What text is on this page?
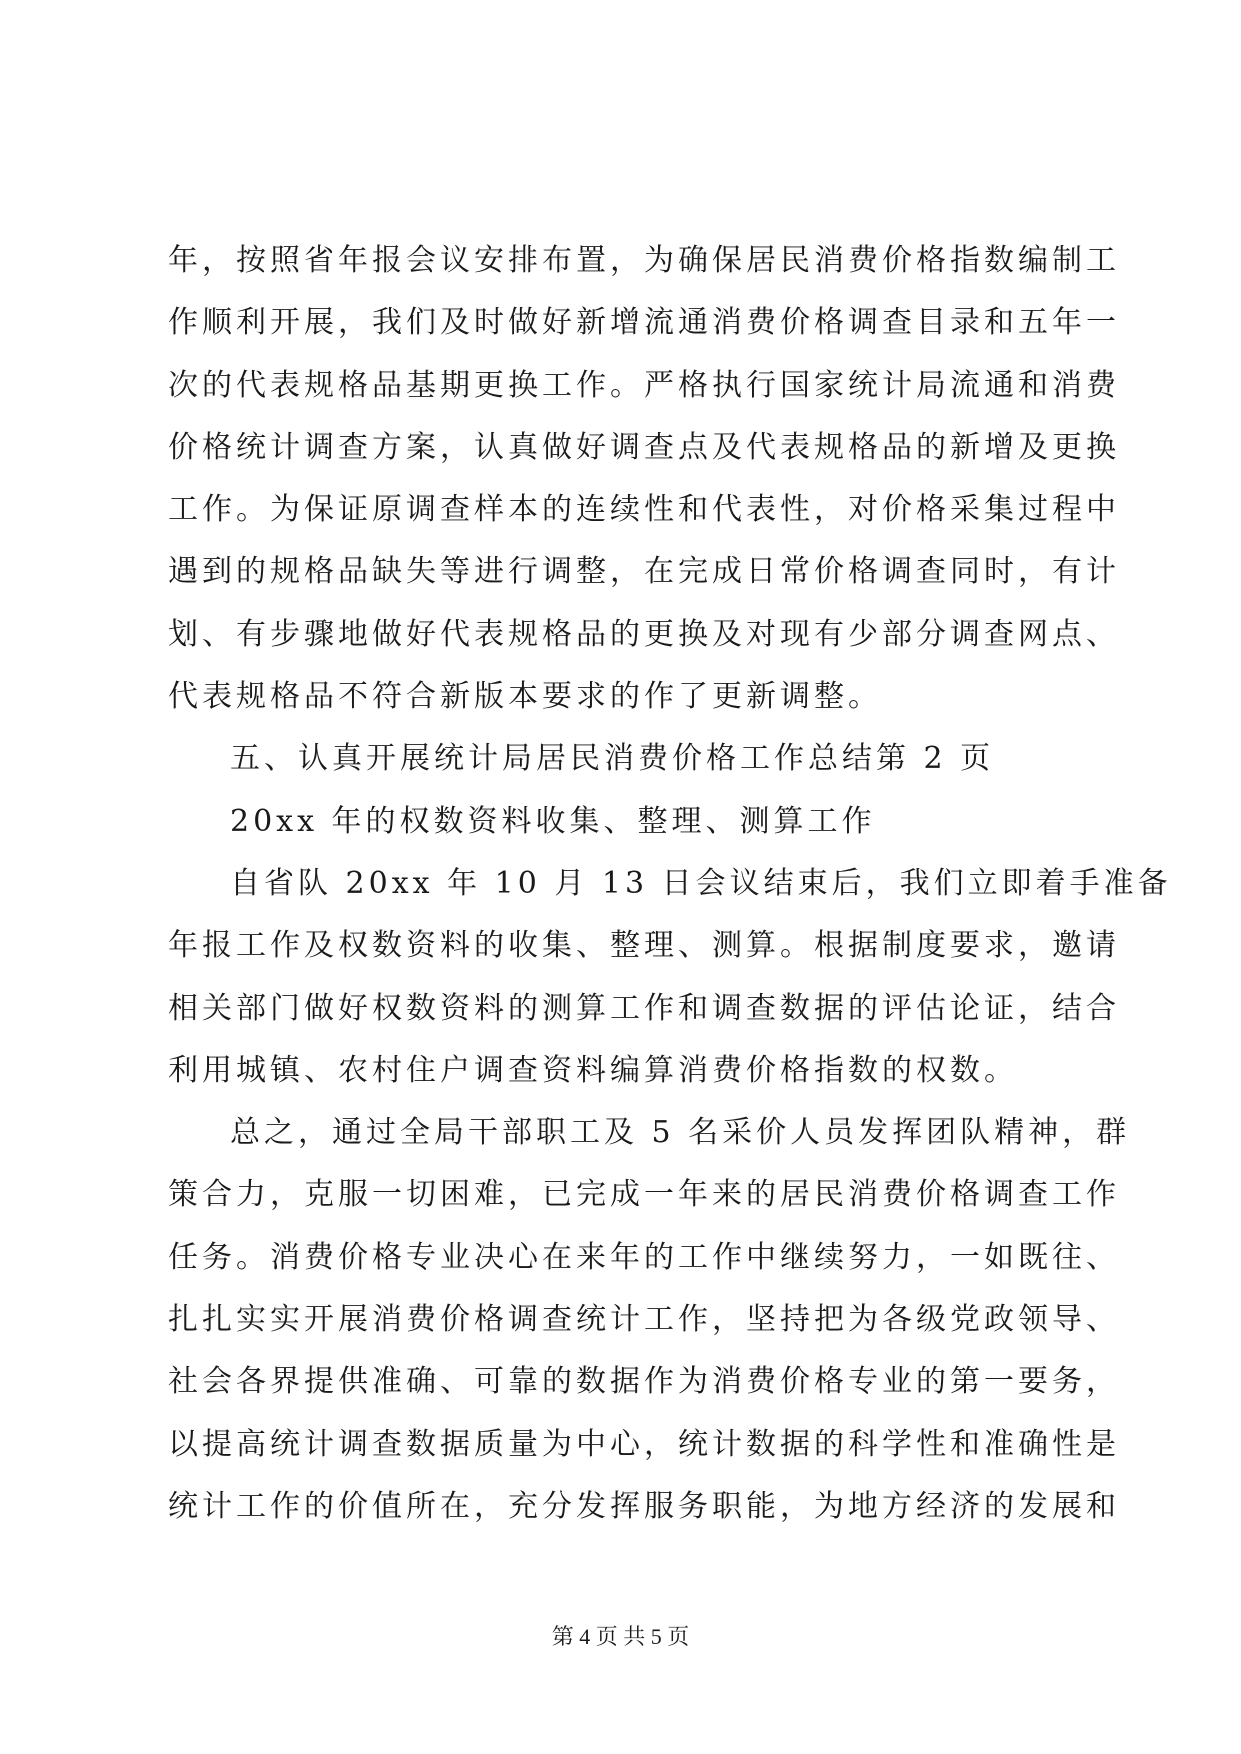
年，按照省年报会议安排布置，为确保居民消费价格指数编制工
作顺利开展，我们及时做好新增流通消费价格调查目录和五年一
次的代表规格品基期更换工作。严格执行国家统计局流通和消费
价格统计调查方案，认真做好调查点及代表规格品的新增及更换
工作。为保证原调查样本的连续性和代表性，对价格采集过程中
遇到的规格品缺失等进行调整，在完成日常价格调查同时，有计
划、有步骤地做好代表规格品的更换及对现有少部分调查网点、
代表规格品不符合新版本要求的作了更新调整。
五、认真开展统计局居民消费价格工作总结第 2 页
20xx 年的权数资料收集、整理、测算工作
自省队 20xx 年 10 月 13 日会议结束后，我们立即着手准备
年报工作及权数资料的收集、整理、测算。根据制度要求，邀请
相关部门做好权数资料的测算工作和调查数据的评估论证，结合
利用城镇、农村住户调查资料编算消费价格指数的权数。
总之，通过全局干部职工及 5 名采价人员发挥团队精神，群
策合力，克服一切困难，已完成一年来的居民消费价格调查工作
任务。消费价格专业决心在来年的工作中继续努力，一如既往、
扎扎实实开展消费价格调查统计工作，坚持把为各级党政领导、
社会各界提供准确、可靠的数据作为消费价格专业的第一要务，
以提高统计调查数据质量为中心，统计数据的科学性和准确性是
统计工作的价值所在，充分发挥服务职能，为地方经济的发展和
第 4 页 共 5 页
